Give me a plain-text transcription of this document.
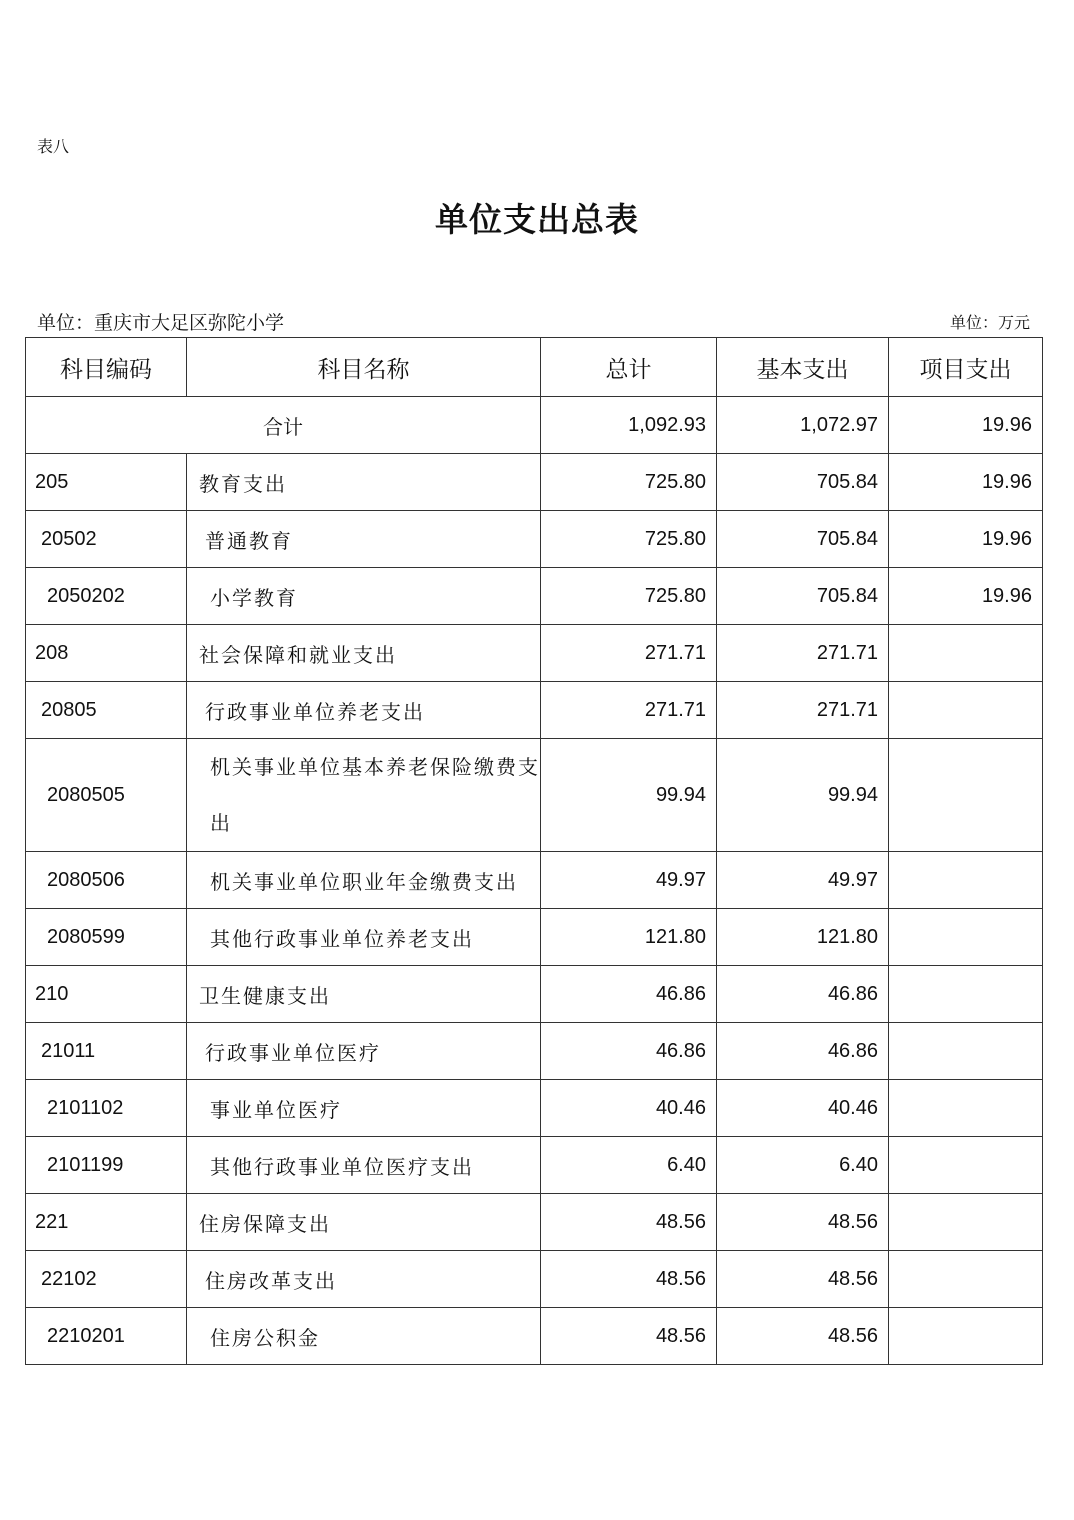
表八
单位支出总表
单位：重庆市大足区弥陀小学	单位：万元
科目编码	科目名称	总计	基本支出	项目支出
合计		1,092.93	1,072.97	19.96
205	教育支出	725.80	705.84	19.96
20502	普通教育	725.80	705.84	19.96
2050202	小学教育	725.80	705.84	19.96
208	社会保障和就业支出	271.71	271.71	
20805	行政事业单位养老支出	271.71	271.71	
2080505	机关事业单位基本养老保险缴费支出	99.94	99.94	
2080506	机关事业单位职业年金缴费支出	49.97	49.97	
2080599	其他行政事业单位养老支出	121.80	121.80	
210	卫生健康支出	46.86	46.86	
21011	行政事业单位医疗	46.86	46.86	
2101102	事业单位医疗	40.46	40.46	
2101199	其他行政事业单位医疗支出	6.40	6.40	
221	住房保障支出	48.56	48.56	
22102	住房改革支出	48.56	48.56	
2210201	住房公积金	48.56	48.56	
